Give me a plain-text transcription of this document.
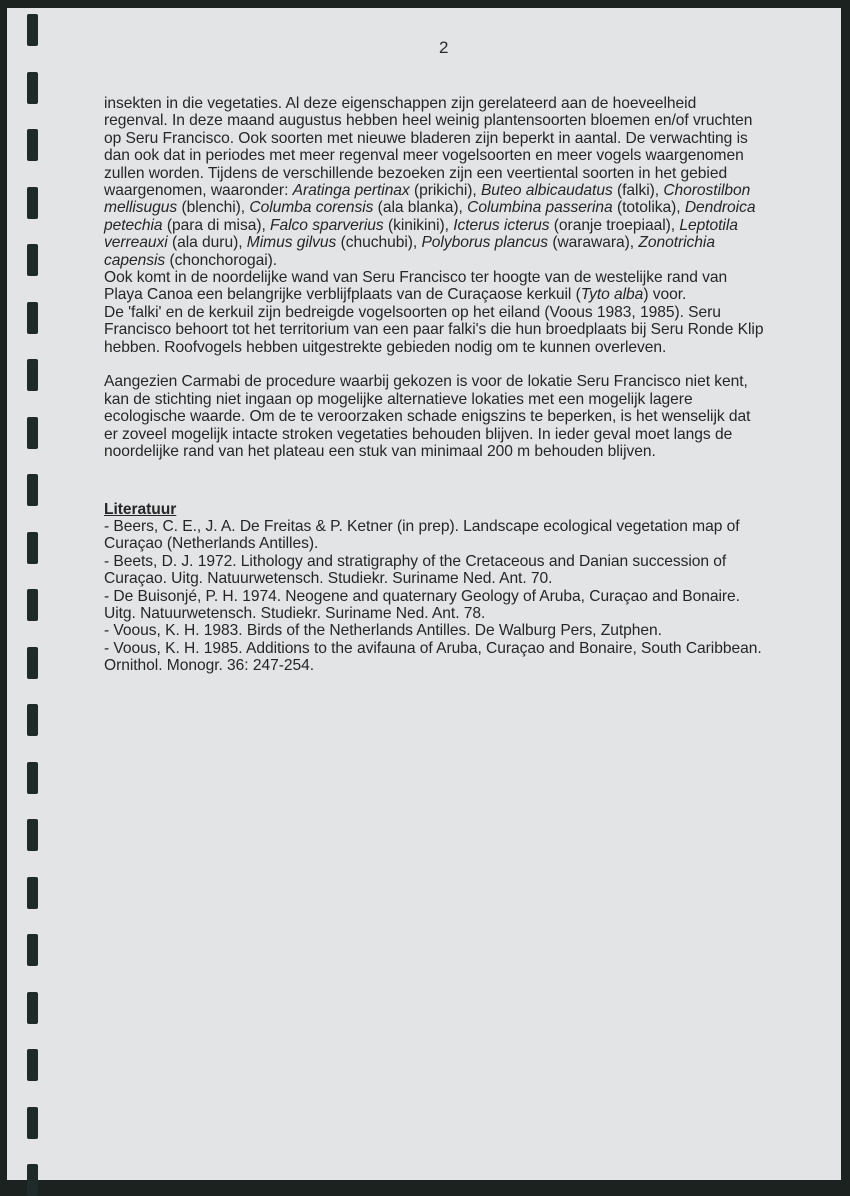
2

insekten in die vegetaties. Al deze eigenschappen zijn gerelateerd aan de hoeveelheid regenval. In deze maand augustus hebben heel weinig plantensoorten bloemen en/of vruchten op Seru Francisco. Ook soorten met nieuwe bladeren zijn beperkt in aantal. De verwachting is dan ook dat in periodes met meer regenval meer vogelsoorten en meer vogels waargenomen zullen worden. Tijdens de verschillende bezoeken zijn een veertiental soorten in het gebied waargenomen, waaronder: Aratinga pertinax (prikichi), Buteo albicaudatus (falki), Chorostilbon mellisugus (blenchi), Columba corensis (ala blanka), Columbina passerina (totolika), Dendroica petechia (para di misa), Falco sparverius (kinikini), Icterus icterus (oranje troepiaal), Leptotila verreauxi (ala duru), Mimus gilvus (chuchubi), Polyborus plancus (warawara), Zonotrichia capensis (chonchorogai).

Ook komt in de noordelijke wand van Seru Francisco ter hoogte van de westelijke rand van Playa Canoa een belangrijke verblijfplaats van de Curaçaose kerkuil (Tyto alba) voor.

De 'falki' en de kerkuil zijn bedreigde vogelsoorten op het eiland (Voous 1983, 1985). Seru Francisco behoort tot het territorium van een paar falki's die hun broedplaats bij Seru Ronde Klip hebben. Roofvogels hebben uitgestrekte gebieden nodig om te kunnen overleven.

Aangezien Carmabi de procedure waarbij gekozen is voor de lokatie Seru Francisco niet kent, kan de stichting niet ingaan op mogelijke alternatieve lokaties met een mogelijk lagere ecologische waarde. Om de te veroorzaken schade enigszins te beperken, is het wenselijk dat er zoveel mogelijk intacte stroken vegetaties behouden blijven. In ieder geval moet langs de noordelijke rand van het plateau een stuk van minimaal 200 m behouden blijven.

Literatuur

- Beers, C. E., J. A. De Freitas & P. Ketner (in prep). Landscape ecological vegetation map of Curaçao (Netherlands Antilles).

- Beets, D. J. 1972. Lithology and stratigraphy of the Cretaceous and Danian succession of Curaçao. Uitg. Natuurwetensch. Studiekr. Suriname Ned. Ant. 70.

- De Buisonjé, P. H. 1974. Neogene and quaternary Geology of Aruba, Curaçao and Bonaire. Uitg. Natuurwetensch. Studiekr. Suriname Ned. Ant. 78.

- Voous, K. H. 1983. Birds of the Netherlands Antilles. De Walburg Pers, Zutphen.

- Voous, K. H. 1985. Additions to the avifauna of Aruba, Curaçao and Bonaire, South Caribbean. Ornithol. Monogr. 36: 247-254.
